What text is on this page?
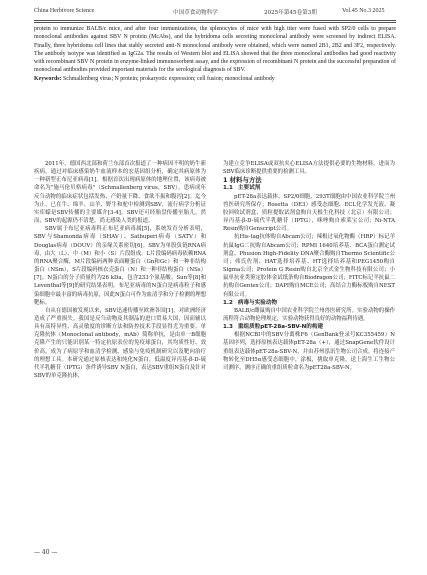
China Herbivore Science	中国草食动物科学	2025年第45卷第3期	Vol.45 No.3 2025
protein to immunize BALB/c mice, and after four immunizations, the splenocytes of mice with high titer were fused with SP2/0 cells to prepare monoclonal antibodies against SBV N protein (McAbs), and the hybridoma cells secreting monoclonal antibody were screened by indirect ELISA. Finally, three hybridoma cell lines that stably secreted anti-N monoclonal antibody were obtained, which were named 2B1, 2B2 and 3F2, respectively. The antibody isotype was identified as IgG2a. The results of Western blot and ELISA showed that the three monoclonal antibodies had good reactivity with recombinant SBV N protein in enzyme-linked immunosorbent assay, and the expression of recombinant N protein and the successful preparation of monoclonal antibodies provided important materials for the serological diagnosis of SBV.
Keywords: Schmallenberg virus; N protein; prokaryotic expression; cell fusion; monoclonal antibody

2011年，德国西北部和荷兰东部首次报道了一种病因不明的奶牛新疾病，通过对临床感染奶牛血液样本的宏基因组分析，确定其病原体为一种新型正布尼亚病毒[1]。根据首次出现病原体的地理位置，该病毒被命名为"施马伦贝格病毒"（Schmallenberg virus，SBV）。患病成年反刍动物的临床症状包括发热、产奶量下降、食欲不振和腹泻[2]。迄今为止，已在牛、绵羊、山羊、野牛和驼中检测到SBV，流行病学分析证实库蠓是SBV传播的主要媒介[3-4]。SBV还可经胎盘传播至胎儿。然而，SBV的起源仍不清楚，尚无感染人类的报道。

SBV属于布尼亚病毒科正布尼亚病毒属[5]，系统发育分析表明，SBV与Shamonda病毒（SHAV）、Sathuperi病毒（SATV）和Douglas病毒（DOUV）的亲缘关系密切[6]。SBV为单股负链RNA病毒，由大（L）、中（M）和小（S）片段组成。L片段编码病毒依赖RNA的RNA聚合酶，M片段编码两种表面糖蛋白（Gn和Gc）和一种非结构蛋白（NSm），S片段编码核衣壳蛋白（N）和一种非结构蛋白（NSs）[7]。N蛋白的分子质量约为26 kDa，包含233个氨基酸。Sun等[8]和Leventhal等[9]的研究结果表明，布尼亚病毒的N蛋白是病毒粒子和感染细胞中最丰富的病毒抗原，因此N蛋白可作为血清学和分子检测的理想靶标。

自从在德国被发现以来，SBV迅速传播至欧洲各国[1]，对欧洲经济造成了严重损失。我国是反刍动物及其制品的进口贸易大国，因而辅以具有高特异性、高灵敏度的诊断方法和防控技术手段显得尤为重要。单克隆抗体（Monoclonal antibody，mAb）简称单抗，是由单一B细胞克隆产生的只能识别某一特定抗原表位的免疫球蛋白，其均质性好、效价高，成为了病原学和血清学检测、感染与免疫机制研究以及靶向治疗的理想工具。本研究通过原核表达和纯化N蛋白，低温度异丙基-β-D-硫代半乳糖苷（IPTG）条件诱导SBV N蛋白，表达SBV重组N蛋白及针对SBV的单克隆抗体，

为建立竞争ELISA或双抗夹心ELISA方法提供必要的生物材料，进而为SBV临床诊断提供重要的检测工具。

1 材料与方法

1.1 主要试剂

pET-28a表达载体、SP2/0细胞、293T细胞由中国农业科学院兰州兽医研究所保存；Rosetta（DE3）感受态细胞、ECL化学发光液、凝胶回收试剂盒、质粒提取试剂盒购自天根生化科技（北京）有限公司；异丙基-β-D-硫代半乳糖苷（IPTG），咪唑购自索莱宝公司；Ni-NTA Resin购自Genscript公司。

抗His-tag抗体购自Abcam公司；辣根过氧化物酶（HRP）标记羊抗鼠IgG二抗购自Abcam公司；RPMI 1640培养基、BCA蛋白测定试剂盒、Phusion High-Fidelity DNA聚合酶购自Thermo Scientific公司；弗氏佐剂、HAT选择培养基、HT选择培养基和PEG1450购自Sigma公司；Protein G Resin购自北京全式金生物科技有限公司；小鼠单抗亚类鉴定胶体金试纸条购自Biodragon公司；FITC标记羊抗鼠二抗购自Gentex公司；DAPI购自MCE公司；高结合力酶标板购自NEST有限公司。

1.2 病毒与实验动物

BALB/c雌鼠购自中国农业科学院兰州兽医研究所。实验动物的操作流程符合动物伦理规定，实验动物获得良好的动物福利待遇。

1.3 重组质粒pET-28a-SBV-N的构建

根据NCBI中的SBV分离株F6（GenBank登录号KC355459）N基因序列，选择原核表达载体pET-28a（+），通过SnapGene软件设计重组表达载体pET-28a-SBV-N，并由苏州泓讯生物公司合成。将连接产物转化至DH5α感受态细胞中，涂板，挑取单克隆，送上海生工生物公司测序，测序正确的重组质粒命名为pET28a-SBV-N。

— 40 —
